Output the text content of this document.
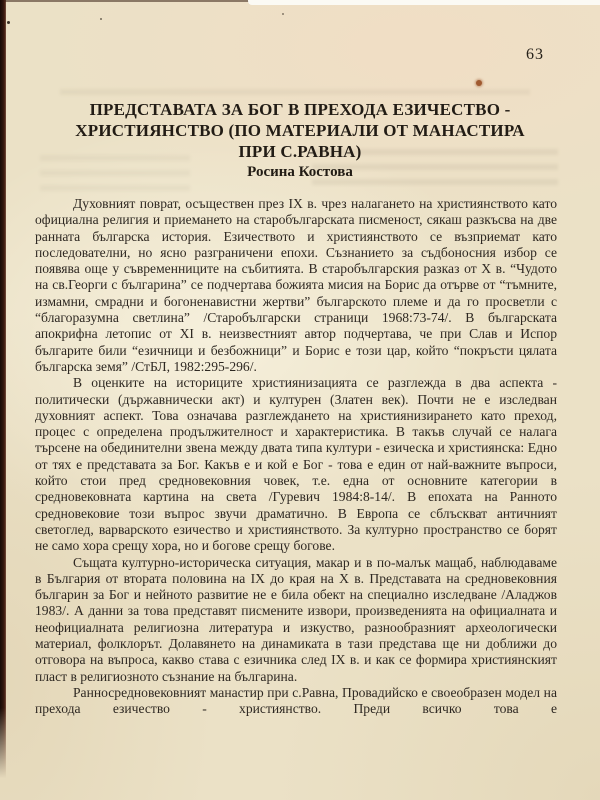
63
ПРЕДСТАВАТА ЗА БОГ В ПРЕХОДА ЕЗИЧЕСТВО -
ХРИСТИЯНСТВО (ПО МАТЕРИАЛИ ОТ МАНАСТИРА
ПРИ С.РАВНА)
Росина Костова

Духовният поврат, осъществен през IX в. чрез налагането на християнството като официална религия и приемането на старобългарската писменост, сякаш разкъсва на две ранната българска история. Езичеството и християнството се възприемат като последователни, но ясно разграничени епохи. Съзнанието за съдбоносния избор се появява още у съвременниците на събитията. В старобългарския разказ от X в. “Чудото на св.Георги с българина” се подчертава божията мисия на Борис да отърве от “тъмните, измамни, смрадни и богоненавистни жертви” българското племе и да го просветли с “благоразумна светлина” /Старобългарски страници 1968:73-74/. В българската апокрифна летопис от XI в. неизвестният автор подчертава, че при Слав и Испор българите били “езичници и безбожници” и Борис е този цар, който “покръсти цялата българска земя” /СтБЛ, 1982:295-296/.

В оценките на историците християнизацията се разглежда в два аспекта - политически (държавнически акт) и културен (Златен век). Почти не е изследван духовният аспект. Това означава разглеждането на християнизирането като преход, процес с определена продължителност и характеристика. В такъв случай се налага търсене на обединителни звена между двата типа култури - езическа и християнска: Едно от тях е представата за Бог. Какъв е и кой е Бог - това е един от най-важните въпроси, който стои пред средновековния човек, т.е. една от основните категории в средновековната картина на света /Гуревич 1984:8-14/. В епохата на Ранното средновековие този въпрос звучи драматично. В Европа се сблъскват античният светоглед, варварското езичество и християнството. За културно пространство се борят не само хора срещу хора, но и богове срещу богове.

Същата културно-историческа ситуация, макар и в по-малък мащаб, наблюдаваме в България от втората половина на IX до края на X в. Представата на средновековния българин за Бог и нейното развитие не е била обект на специално изследване /Аладжов 1983/. А данни за това представят писмените извори, произведенията на официалната и неофициалната религиозна литература и изкуство, разнообразният археологически материал, фолклорът. Долавянето на динамиката в тази представа ще ни доближи до отговора на въпроса, какво става с езичника след IX в. и как се формира християнският пласт в религиозното съзнание на българина.

Ранносредновековният манастир при с.Равна, Провадийско е своеобразен модел на прехода езичество - християнство. Преди всичко това е
